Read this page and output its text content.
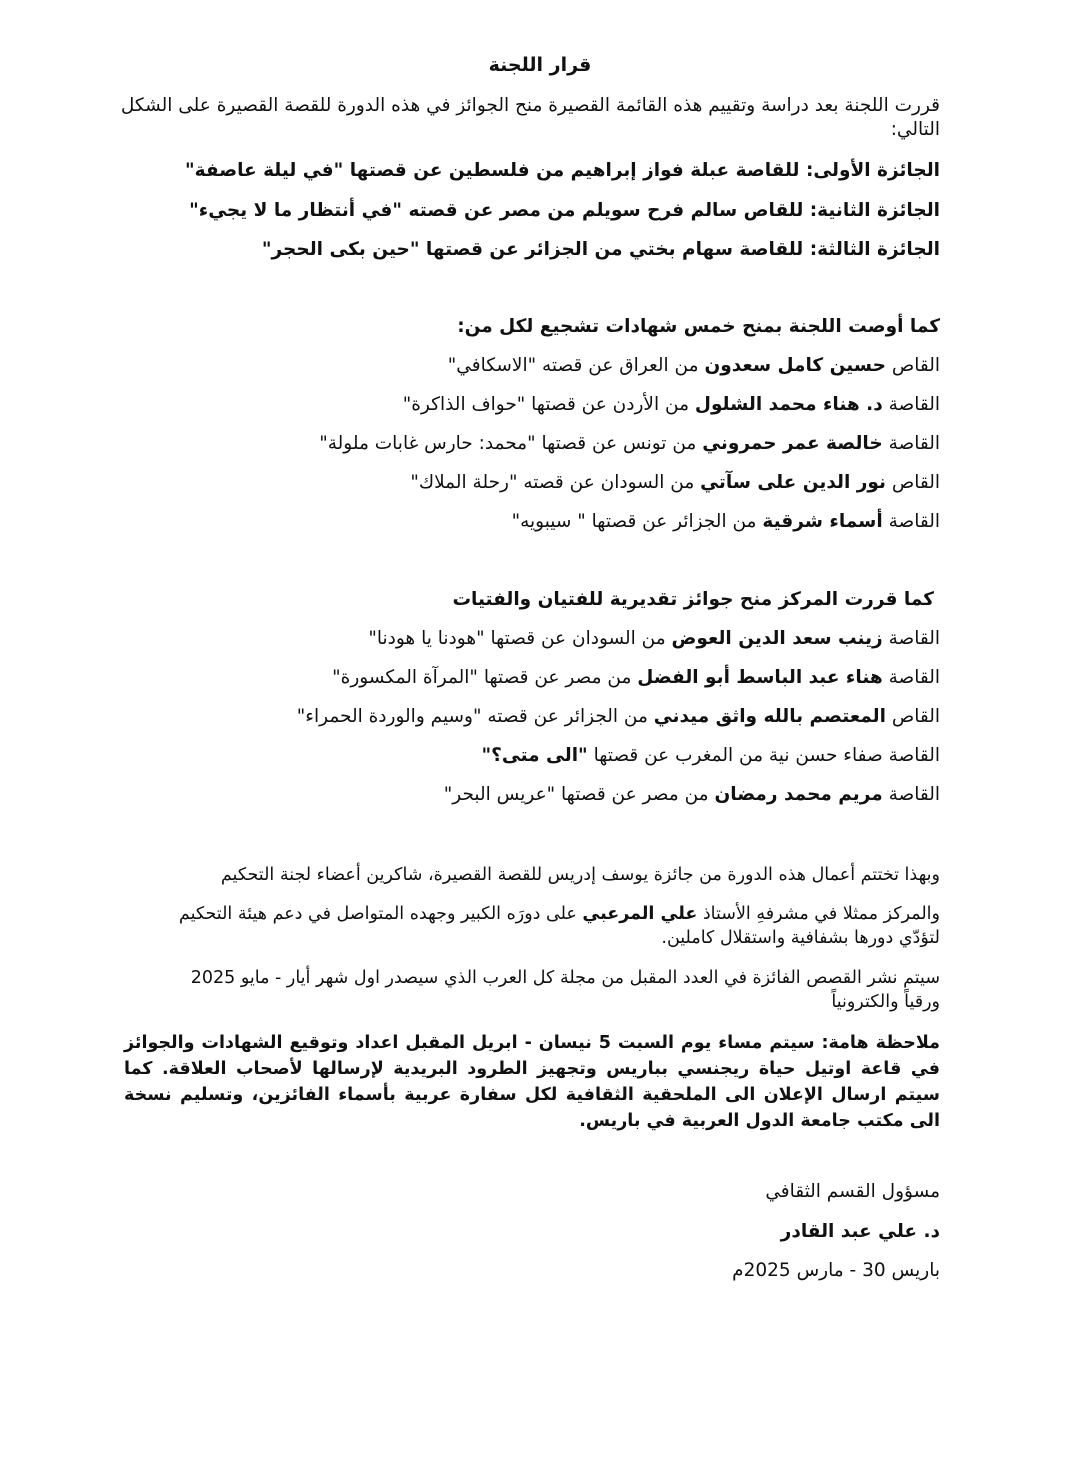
قرار اللجنة
قررت اللجنة بعد دراسة وتقييم هذه القائمة القصيرة منح الجوائز في هذه الدورة للقصة القصيرة على الشكل
التالي:
الجائزة الأولى: للقاصة عبلة فواز إبراهيم من فلسطين عن قصتها "في ليلة عاصفة"
الجائزة الثانية: للقاص سالم فرح سويلم من مصر عن قصته "في أنتظار ما لا يجيء"
الجائزة الثالثة: للقاصة سهام بختي من الجزائر عن قصتها "حين بكى الحجر"
كما أوصت اللجنة بمنح خمس شهادات تشجيع لكل من:
القاص حسين كامل سعدون من العراق عن قصته "الاسكافي"
القاصة د. هناء محمد الشلول من الأردن عن قصتها "حواف الذاكرة"
القاصة خالصة عمر حمروني من تونس عن قصتها "محمد: حارس غابات ملولة"
القاص نور الدين على سآتي من السودان عن قصته "رحلة الملاك"
القاصة أسماء شرقية من الجزائر عن قصتها " سيبويه"
كما قررت المركز منح جوائز تقديرية للفتيان والفتيات
القاصة زينب سعد الدين العوض من السودان عن قصتها "هودنا يا هودنا"
القاصة هناء عبد الباسط أبو الفضل من مصر عن قصتها "المرآة المكسورة"
القاص المعتصم بالله واثق ميدني من الجزائر عن قصته "وسيم والوردة الحمراء"
القاصة صفاء حسن نية من المغرب عن قصتها "الى متى؟"
القاصة مريم محمد رمضان من مصر عن قصتها "عريس البحر"
وبهذا تختتم أعمال هذه الدورة من جائزة يوسف إدريس للقصة القصيرة، شاكرين أعضاء لجنة التحكيم
والمركز ممثلا في مشرفهِ الأستاذ علي المرعبي على دورَه الكبير وجهده المتواصل في دعم هيئة التحكيم
لتؤدّي دورها بشفافية واستقلال كاملين.
سيتم نشر القصص الفائزة في العدد المقبل من مجلة كل العرب الذي سيصدر اول شهر أيار - مايو 2025
ورقياً والكترونياً
ملاحظة هامة: سيتم مساء يوم السبت 5 نيسان - ابريل المقبل اعداد وتوقيع الشهادات والجوائز في قاعة اوتيل حياة ريجنسي بباريس وتجهيز الطرود البريدية لإرسالها لأصحاب العلاقة. كما سيتم ارسال الإعلان الى الملحقية الثقافية لكل سفارة عربية بأسماء الفائزين، وتسليم نسخة الى مكتب جامعة الدول العربية في باريس.
مسؤول القسم الثقافي
د. علي عبد القادر
باريس 30 - مارس 2025م
